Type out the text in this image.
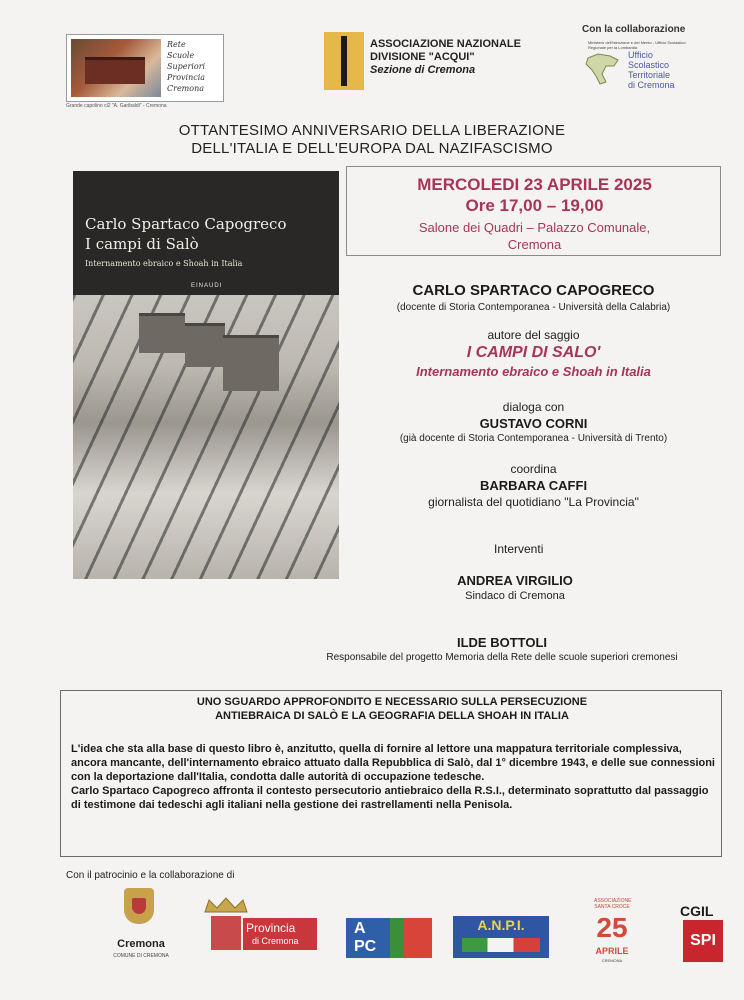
Rete
Scuole
Superiori
Provincia
Cremona
Grande capolino cl2 "A. Garibaldi" - Cremona
ASSOCIAZIONE NAZIONALE
DIVISIONE "ACQUI"
Sezione di Cremona
Con la collaborazione
Ministero dell'Istruzione e del Merito - Ufficio Scolastico Regionale per la Lombardia
Ufficio
Scolastico
Territoriale
di Cremona
OTTANTESIMO ANNIVERSARIO DELLA LIBERAZIONE
DELL'ITALIA E DELL'EUROPA DAL NAZIFASCISMO
Carlo Spartaco Capogreco
I campi di Salò
Internamento ebraico e Shoah in Italia
EINAUDI
MERCOLEDI 23 APRILE 2025
Ore 17,00 – 19,00
Salone dei Quadri – Palazzo Comunale,
Cremona
CARLO SPARTACO CAPOGRECO
(docente di Storia Contemporanea - Università della Calabria)
autore del saggio
I CAMPI DI SALO'
Internamento ebraico e Shoah in Italia
dialoga con
GUSTAVO CORNI
(già docente di Storia Contemporanea - Università di Trento)
coordina
BARBARA CAFFI
giornalista del quotidiano "La Provincia"
Interventi
ANDREA VIRGILIO
Sindaco di Cremona
ILDE BOTTOLI
Responsabile del progetto Memoria della Rete delle scuole superiori cremonesi
UNO SGUARDO APPROFONDITO E NECESSARIO SULLA PERSECUZIONE
ANTIEBRAICA DI SALÒ E LA GEOGRAFIA DELLA SHOAH IN ITALIA
L'idea che sta alla base di questo libro è, anzitutto, quella di fornire al lettore una mappatura territoriale complessiva, ancora mancante, dell'internamento ebraico attuato dalla Repubblica di Salò, dal 1° dicembre 1943, e delle sue connessioni con la deportazione dall'Italia, condotta dalle autorità di occupazione tedesche.
Carlo Spartaco Capogreco affronta il contesto persecutorio antiebraico della R.S.I., determinato soprattutto dal passaggio di testimone dai tedeschi agli italiani nella gestione dei rastrellamenti nella Penisola.
Con il patrocinio e la collaborazione di
Cremona
COMUNE DI CREMONA
Provincia
di Cremona
A
PC
A.N.P.I.
ASSOCIAZIONE SANTA CROCE
25
APRILE
CREMONA
CGIL
SPI
